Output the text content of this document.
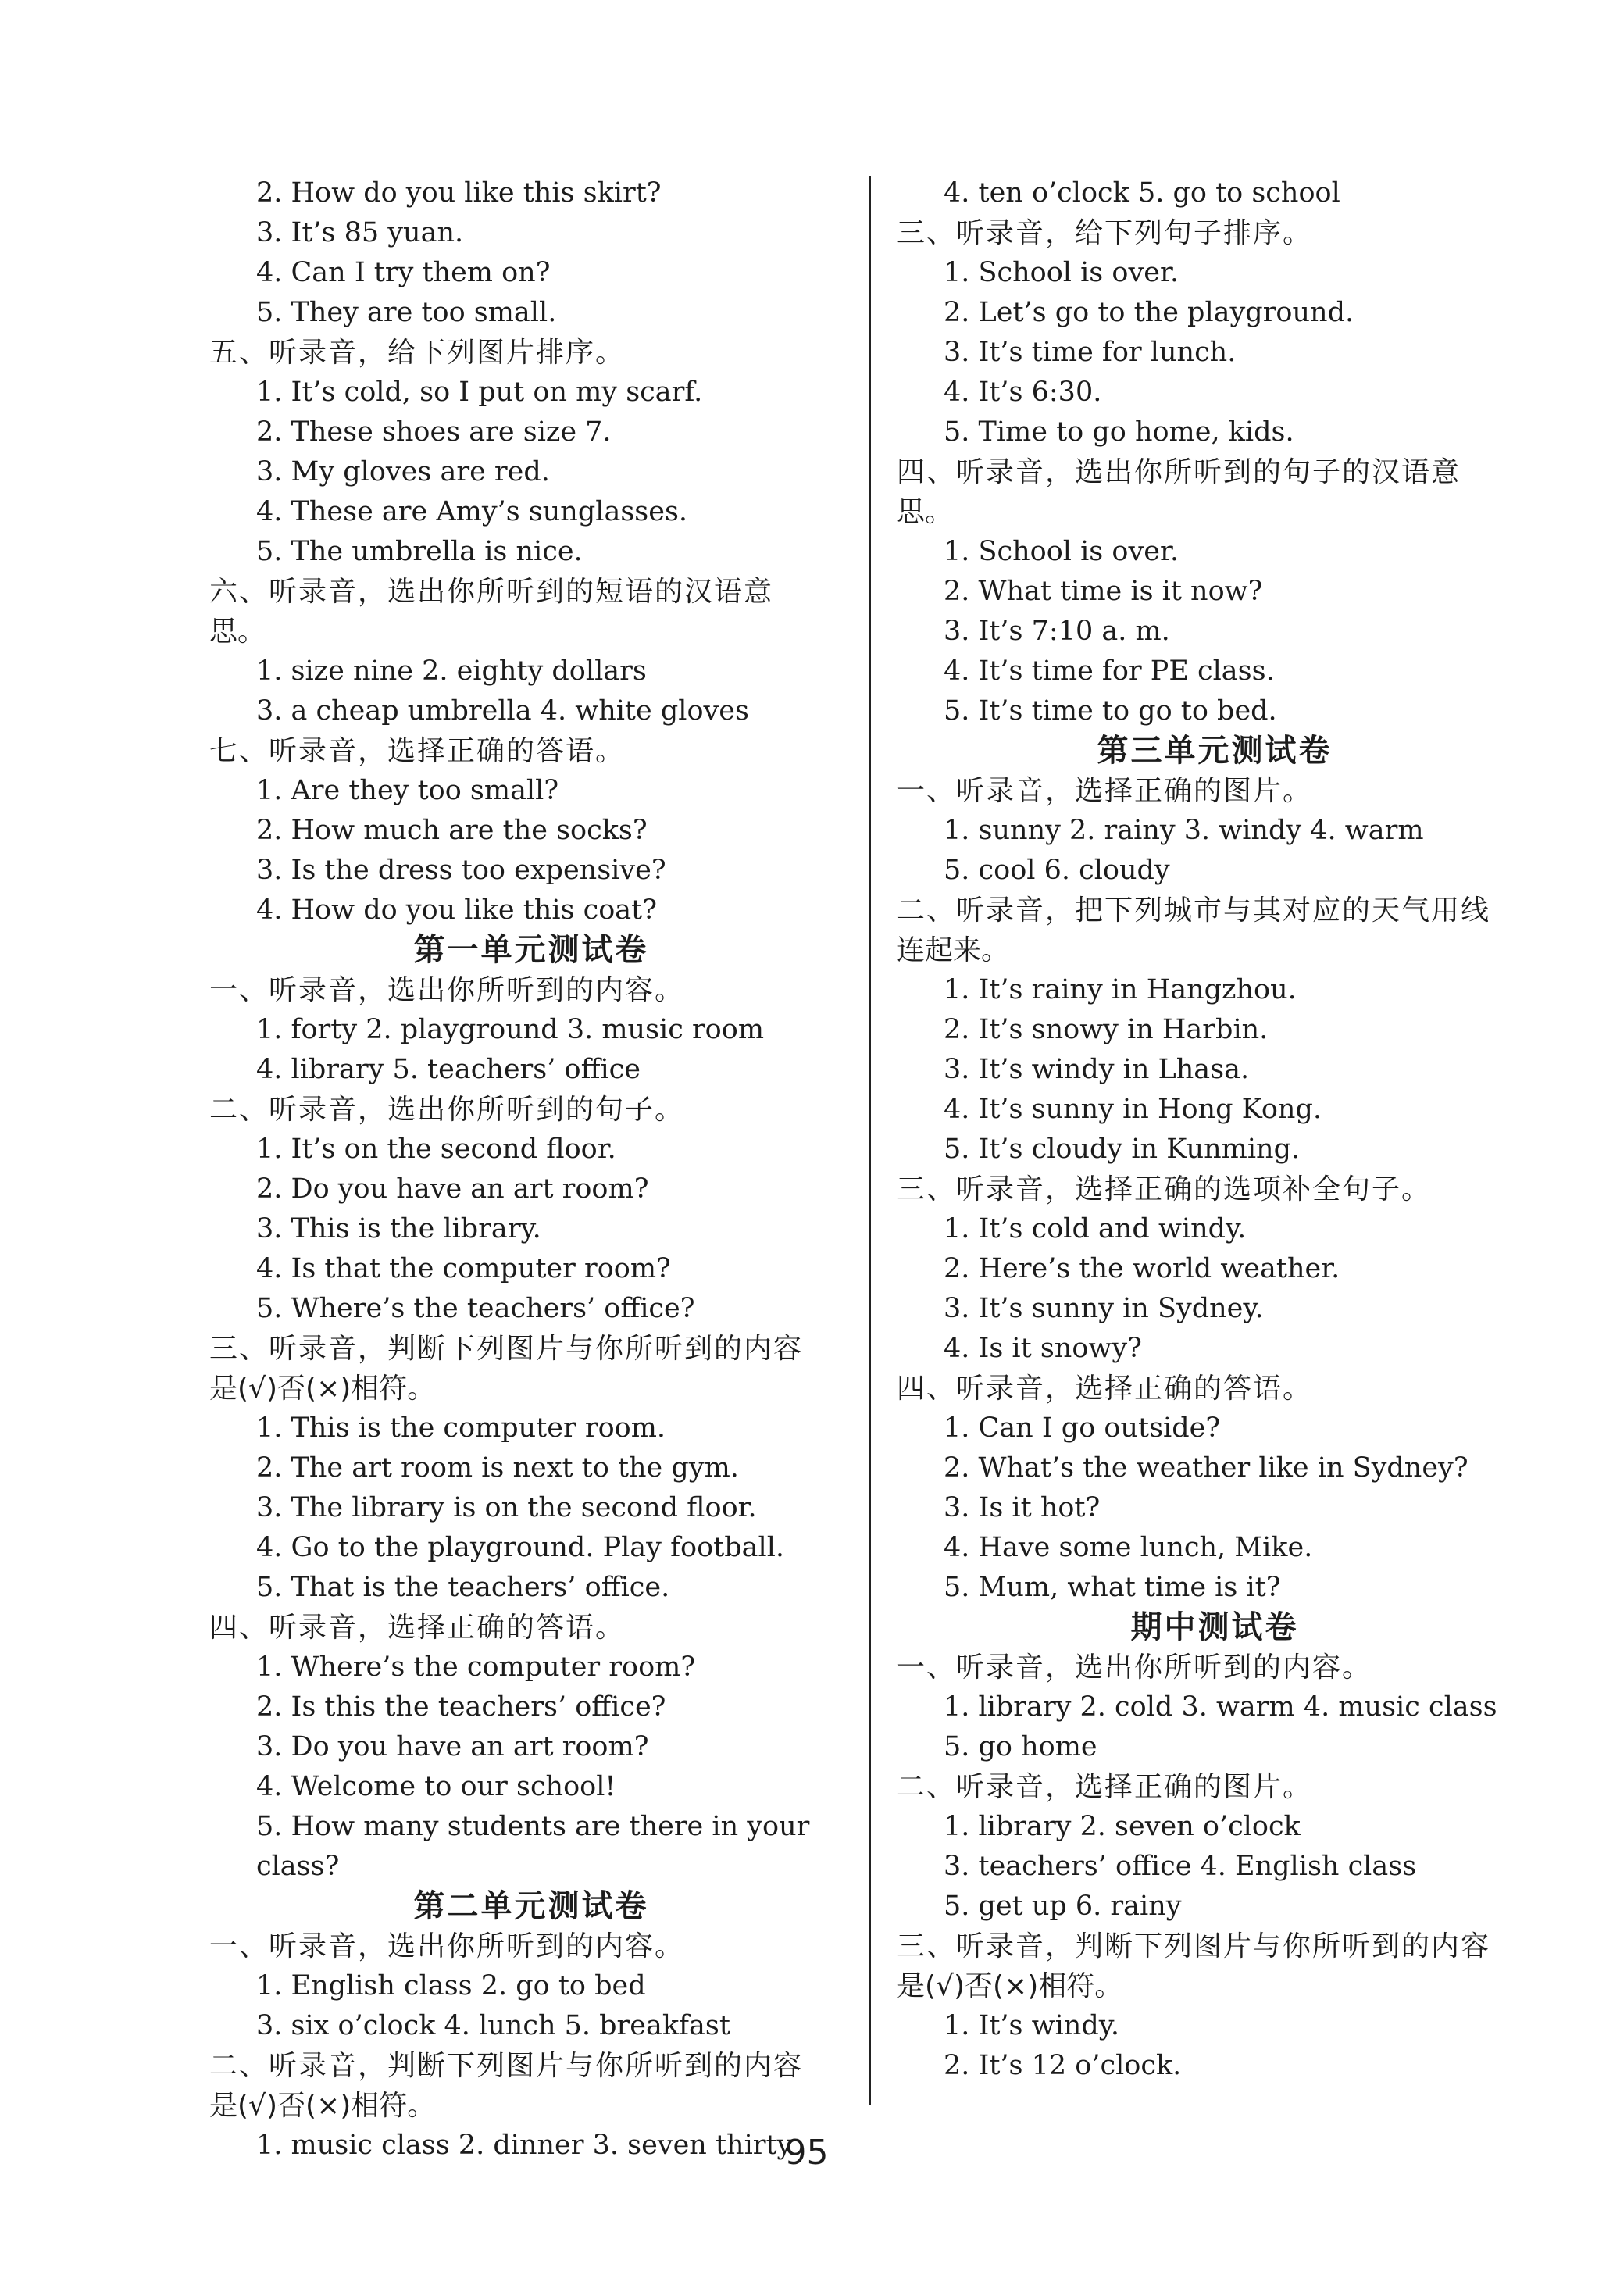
2. How do you like this skirt?
3. It’s 85 yuan.
4. Can I try them on?
5. They are too small.
五、听录音，给下列图片排序。
1. It’s cold, so I put on my scarf.
2. These shoes are size 7.
3. My gloves are red.
4. These are Amy’s sunglasses.
5. The umbrella is nice.
六、听录音，选出你所听到的短语的汉语意
思。
1. size nine 2. eighty dollars
3. a cheap umbrella 4. white gloves
七、听录音，选择正确的答语。
1. Are they too small?
2. How much are the socks?
3. Is the dress too expensive?
4. How do you like this coat?
第一单元测试卷
一、听录音，选出你所听到的内容。
1. forty 2. playground 3. music room
4. library 5. teachers’ office
二、听录音，选出你所听到的句子。
1. It’s on the second floor.
2. Do you have an art room?
3. This is the library.
4. Is that the computer room?
5. Where’s the teachers’ office?
三、听录音，判断下列图片与你所听到的内容
是(√)否(×)相符。
1. This is the computer room.
2. The art room is next to the gym.
3. The library is on the second floor.
4. Go to the playground. Play football.
5. That is the teachers’ office.
四、听录音，选择正确的答语。
1. Where’s the computer room?
2. Is this the teachers’ office?
3. Do you have an art room?
4. Welcome to our school!
5. How many students are there in your
class?
第二单元测试卷
一、听录音，选出你所听到的内容。
1. English class 2. go to bed
3. six o’clock 4. lunch 5. breakfast
二、听录音，判断下列图片与你所听到的内容
是(√)否(×)相符。
1. music class 2. dinner 3. seven thirty
4. ten o’clock 5. go to school
三、听录音，给下列句子排序。
1. School is over.
2. Let’s go to the playground.
3. It’s time for lunch.
4. It’s 6:30.
5. Time to go home, kids.
四、听录音，选出你所听到的句子的汉语意
思。
1. School is over.
2. What time is it now?
3. It’s 7:10 a. m.
4. It’s time for PE class.
5. It’s time to go to bed.
第三单元测试卷
一、听录音，选择正确的图片。
1. sunny 2. rainy 3. windy 4. warm
5. cool 6. cloudy
二、听录音，把下列城市与其对应的天气用线
连起来。
1. It’s rainy in Hangzhou.
2. It’s snowy in Harbin.
3. It’s windy in Lhasa.
4. It’s sunny in Hong Kong.
5. It’s cloudy in Kunming.
三、听录音，选择正确的选项补全句子。
1. It’s cold and windy.
2. Here’s the world weather.
3. It’s sunny in Sydney.
4. Is it snowy?
四、听录音，选择正确的答语。
1. Can I go outside?
2. What’s the weather like in Sydney?
3. Is it hot?
4. Have some lunch, Mike.
5. Mum, what time is it?
期中测试卷
一、听录音，选出你所听到的内容。
1. library 2. cold 3. warm 4. music class
5. go home
二、听录音，选择正确的图片。
1. library 2. seven o’clock
3. teachers’ office 4. English class
5. get up 6. rainy
三、听录音，判断下列图片与你所听到的内容
是(√)否(×)相符。
1. It’s windy.
2. It’s 12 o’clock.
95
